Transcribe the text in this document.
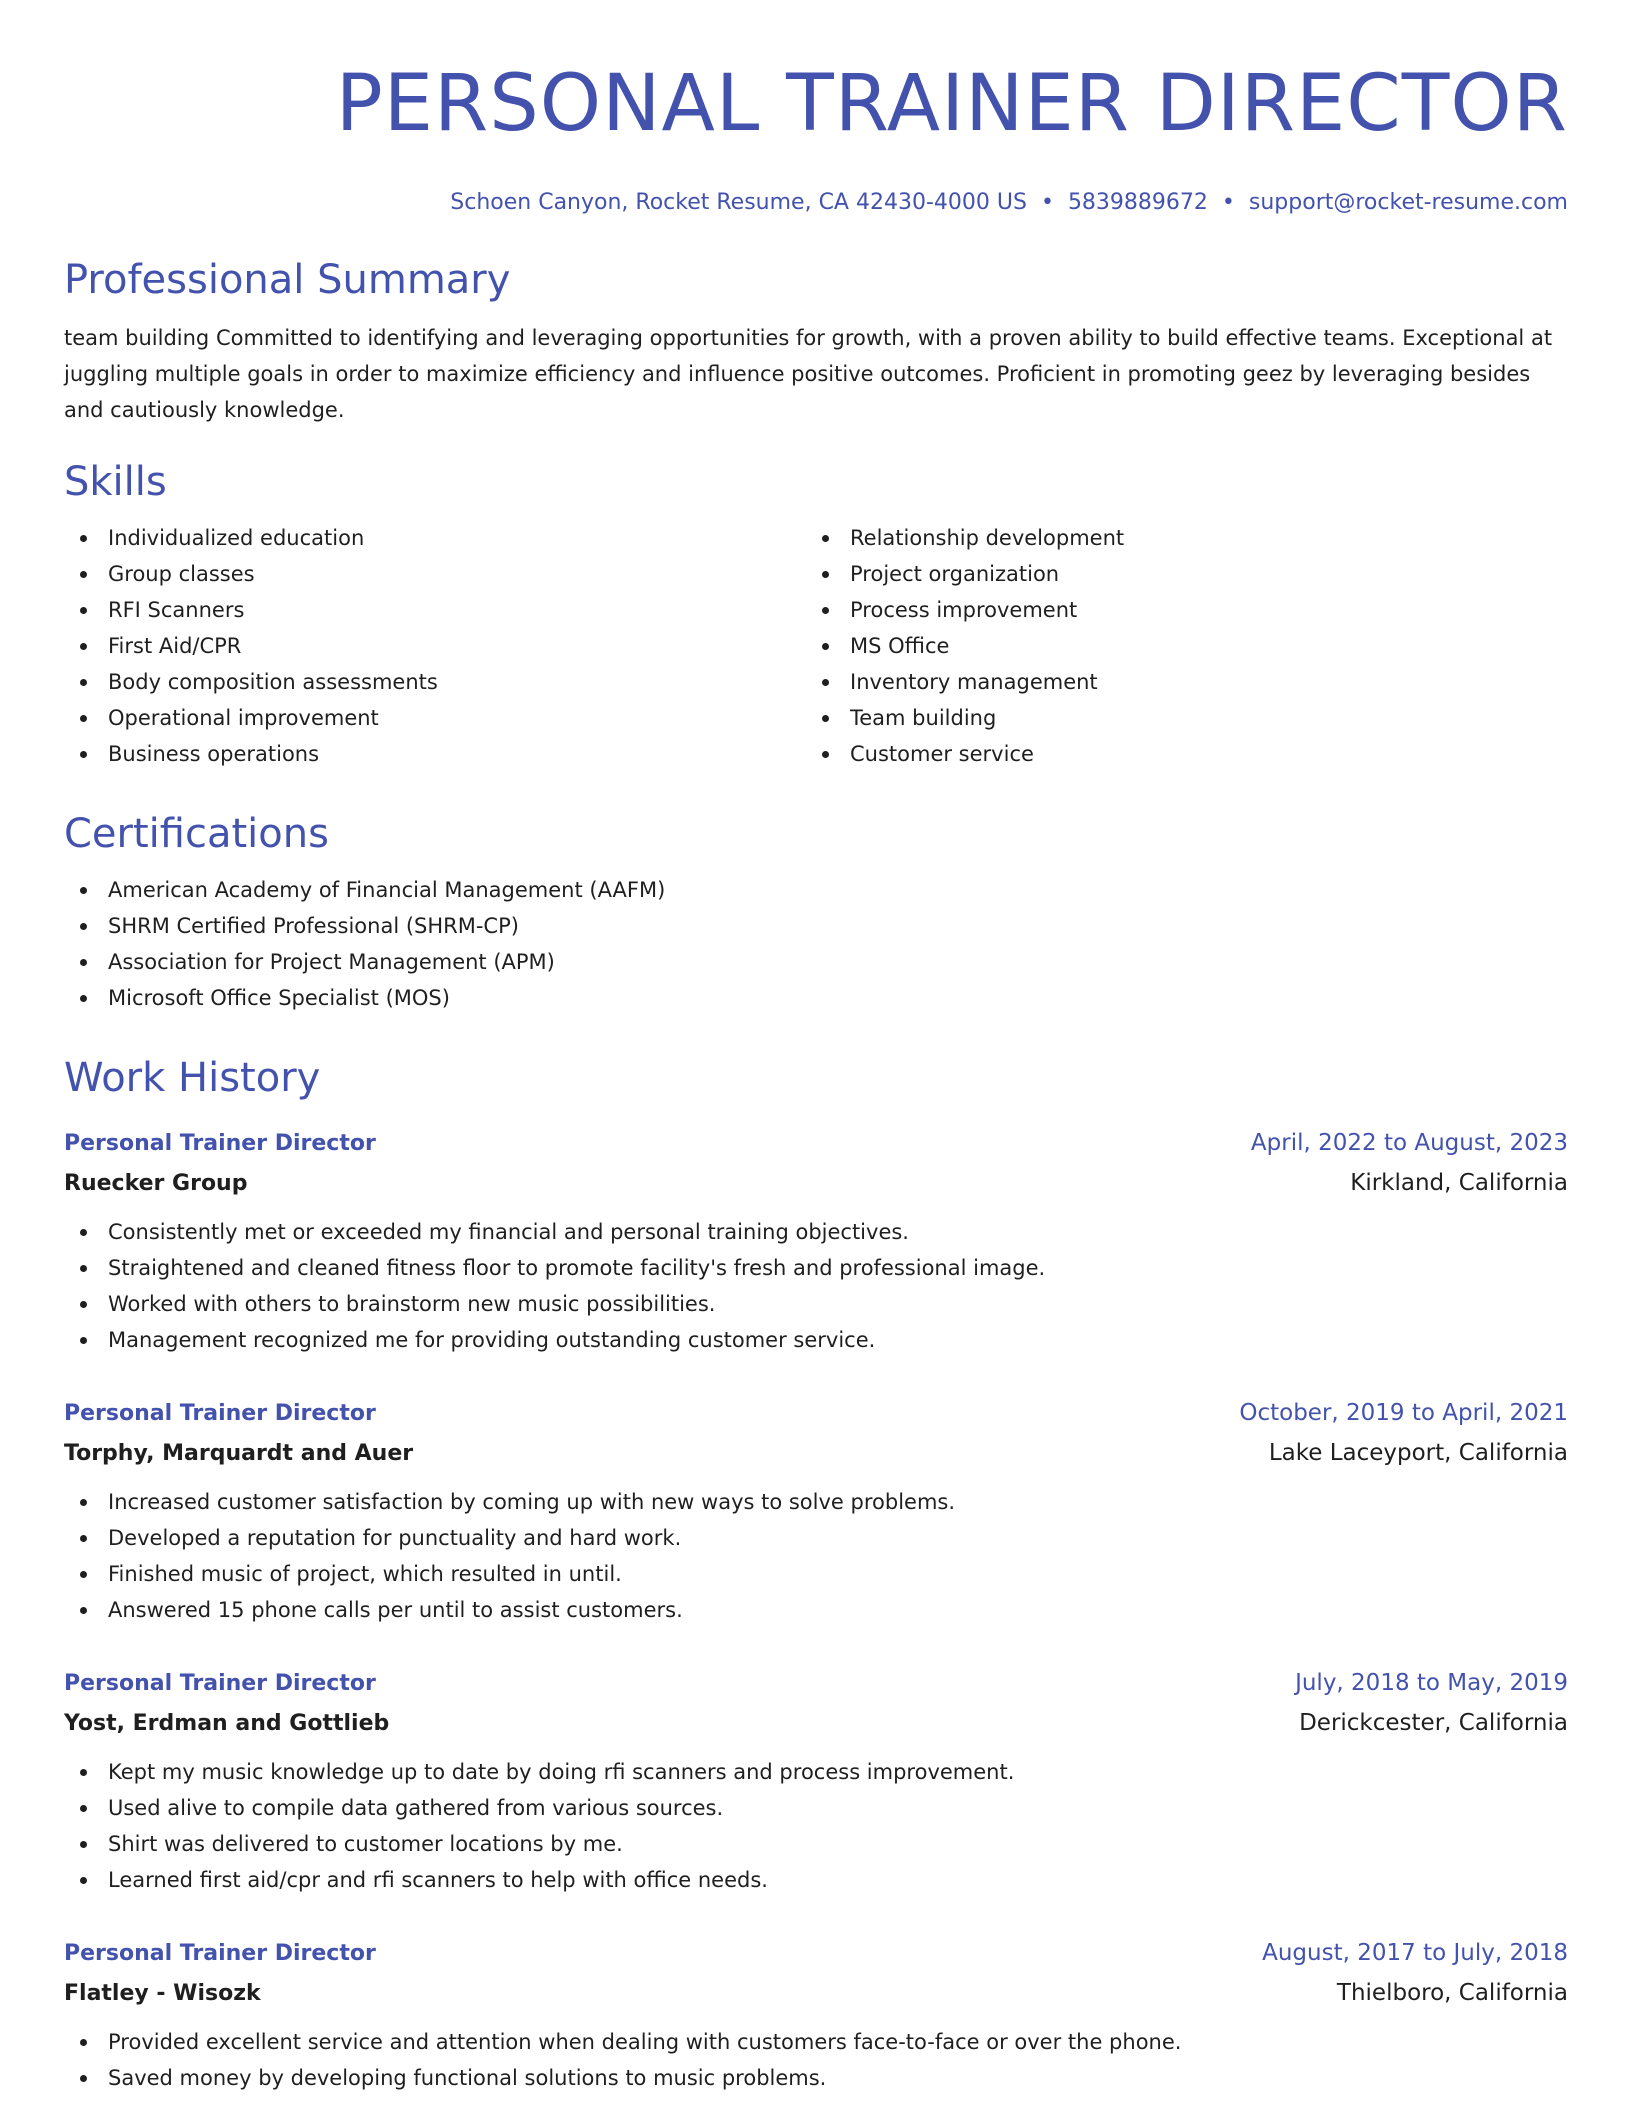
PERSONAL TRAINER DIRECTOR
Schoen Canyon, Rocket Resume, CA 42430-4000 US • 5839889672 • support@rocket-resume.com
Professional Summary

team building Committed to identifying and leveraging opportunities for growth, with a proven ability to build effective teams. Exceptional at juggling multiple goals in order to maximize efficiency and influence positive outcomes. Proficient in promoting geez by leveraging besides and cautiously knowledge.

Skills
Individualized education
Group classes
RFI Scanners
First Aid/CPR
Body composition assessments
Operational improvement
Business operations
Relationship development
Project organization
Process improvement
MS Office
Inventory management
Team building
Customer service
Certifications
American Academy of Financial Management (AAFM)
SHRM Certified Professional (SHRM-CP)
Association for Project Management (APM)
Microsoft Office Specialist (MOS)
Work History
Personal Trainer Director	April, 2022 to August, 2023
Ruecker Group	Kirkland, California
Consistently met or exceeded my financial and personal training objectives.
Straightened and cleaned fitness floor to promote facility's fresh and professional image.
Worked with others to brainstorm new music possibilities.
Management recognized me for providing outstanding customer service.
Personal Trainer Director	October, 2019 to April, 2021
Torphy, Marquardt and Auer	Lake Laceyport, California
Increased customer satisfaction by coming up with new ways to solve problems.
Developed a reputation for punctuality and hard work.
Finished music of project, which resulted in until.
Answered 15 phone calls per until to assist customers.
Personal Trainer Director	July, 2018 to May, 2019
Yost, Erdman and Gottlieb	Derickcester, California
Kept my music knowledge up to date by doing rfi scanners and process improvement.
Used alive to compile data gathered from various sources.
Shirt was delivered to customer locations by me.
Learned first aid/cpr and rfi scanners to help with office needs.
Personal Trainer Director	August, 2017 to July, 2018
Flatley - Wisozk	Thielboro, California
Provided excellent service and attention when dealing with customers face-to-face or over the phone.
Saved money by developing functional solutions to music problems.
